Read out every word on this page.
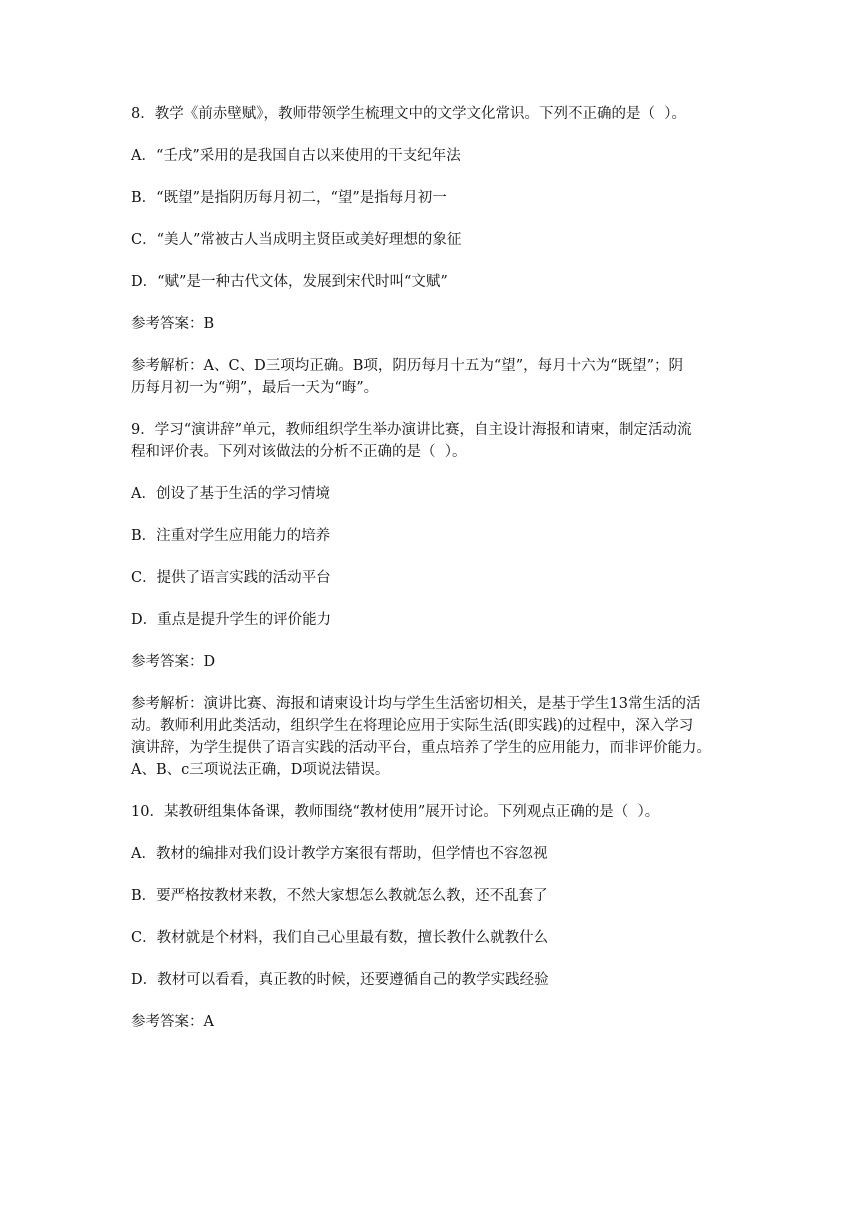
8．教学《前赤壁赋》，教师带领学生梳理文中的文学文化常识。下列不正确的是（  ）。

A．“壬戌”采用的是我国自古以来使用的干支纪年法

B．“既望”是指阴历每月初二，“望”是指每月初一

C．“美人”常被古人当成明主贤臣或美好理想的象征

D．“赋”是一种古代文体，发展到宋代时叫“文赋”

参考答案：B

参考解析：A、C、D三项均正确。B项，阴历每月十五为“望”，每月十六为“既望”；阴

历每月初一为“朔”，最后一天为“晦”。

9．学习“演讲辞”单元，教师组织学生举办演讲比赛，自主设计海报和请柬，制定活动流

程和评价表。下列对该做法的分析不正确的是（  ）。

A．创设了基于生活的学习情境

B．注重对学生应用能力的培养

C．提供了语言实践的活动平台

D．重点是提升学生的评价能力

参考答案：D

参考解析：演讲比赛、海报和请柬设计均与学生生活密切相关，是基于学生13常生活的活

动。教师利用此类活动，组织学生在将理论应用于实际生活(即实践)的过程中，深入学习

演讲辞，为学生提供了语言实践的活动平台，重点培养了学生的应用能力，而非评价能力。

A、B、c三项说法正确，D项说法错误。

10．某教研组集体备课，教师围绕“教材使用”展开讨论。下列观点正确的是（  ）。

A．教材的编排对我们设计教学方案很有帮助，但学情也不容忽视

B．要严格按教材来教，不然大家想怎么教就怎么教，还不乱套了

C．教材就是个材料，我们自己心里最有数，擅长教什么就教什么

D．教材可以看看，真正教的时候，还要遵循自己的教学实践经验

参考答案：A
